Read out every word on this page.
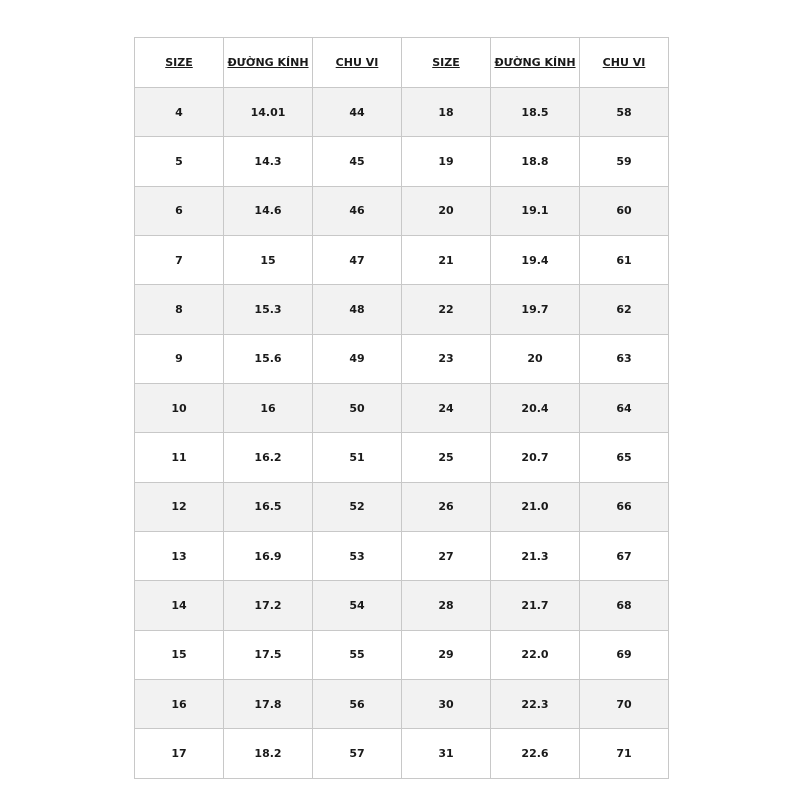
SIZE	ĐƯỜNG KÍNH	CHU VI	SIZE	ĐƯỜNG KÍNH	CHU VI
4	14.01	44	18	18.5	58
5	14.3	45	19	18.8	59
6	14.6	46	20	19.1	60
7	15	47	21	19.4	61
8	15.3	48	22	19.7	62
9	15.6	49	23	20	63
10	16	50	24	20.4	64
11	16.2	51	25	20.7	65
12	16.5	52	26	21.0	66
13	16.9	53	27	21.3	67
14	17.2	54	28	21.7	68
15	17.5	55	29	22.0	69
16	17.8	56	30	22.3	70
17	18.2	57	31	22.6	71
